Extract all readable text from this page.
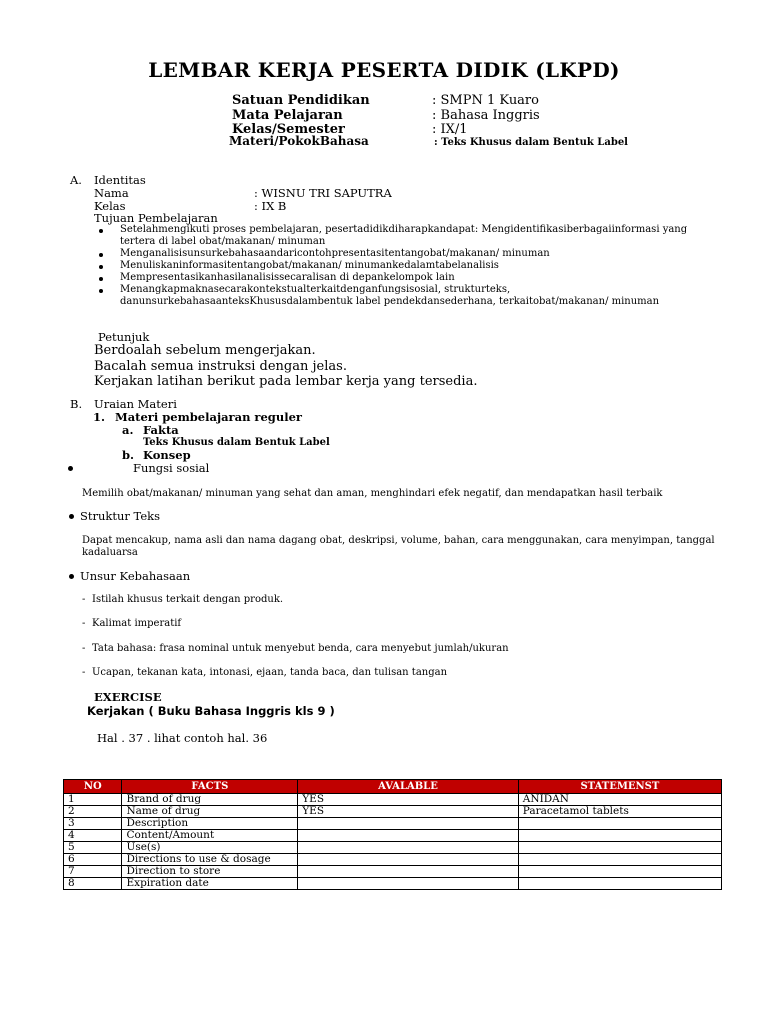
LEMBAR KERJA PESERTA DIDIK (LKPD)
Satuan Pendidikan	: SMPN 1 Kuaro
Mata Pelajaran	: Bahasa Inggris
Kelas/Semester	: IX/1
Materi/PokokBahasa	: Teks Khusus dalam Bentuk Label
A. Identitas
Nama	: WISNU TRI SAPUTRA
Kelas	: IX B
Tujuan Pembelajaran
Setelahmengikuti proses pembelajaran, pesertadidikdiharapkandapat: Mengidentifikasiberbagaiinformasi yang
tertera di label obat/makanan/ minuman
Menganalisisunsurkebahasaandaricontohpresentasitentangobat/makanan/ minuman
Menuliskaninformasitentangobat/makanan/ minumankedalamtabelanalisis
Mempresentasikanhasilanalisissecaralisan di depankelompok lain
Menangkapmaknasecarakontekstualterkaitdenganfungsisosial, strukturteks,
danunsurkebahasaanteksKhususdalambentuk label pendekdansederhana, terkaitobat/makanan/ minuman
Petunjuk
Berdoalah sebelum mengerjakan.
Bacalah semua instruksi dengan jelas.
Kerjakan latihan berikut pada lembar kerja yang tersedia.
B. Uraian Materi
1. Materi pembelajaran reguler
a. Fakta
Teks Khusus dalam Bentuk Label
b. Konsep
Fungsi sosial
Memilih obat/makanan/ minuman yang sehat dan aman, menghindari efek negatif, dan mendapatkan hasil terbaik
Struktur Teks
Dapat mencakup, nama asli dan nama dagang obat, deskripsi, volume, bahan, cara menggunakan, cara menyimpan, tanggal
kadaluarsa
Unsur Kebahasaan
- Istilah khusus terkait dengan produk.
- Kalimat imperatif
- Tata bahasa: frasa nominal untuk menyebut benda, cara menyebut jumlah/ukuran
- Ucapan, tekanan kata, intonasi, ejaan, tanda baca, dan tulisan tangan
EXERCISE
Kerjakan ( Buku Bahasa Inggris kls 9 )
Hal . 37 . lihat contoh hal. 36
NO	FACTS	AVALABLE	STATEMENST
1	Brand of drug	YES	ANIDAN
2	Name of drug	YES	Paracetamol tablets
3	Description		
4	Content/Amount		
5	Use(s)		
6	Directions to use & dosage		
7	Direction to store		
8	Expiration date		
